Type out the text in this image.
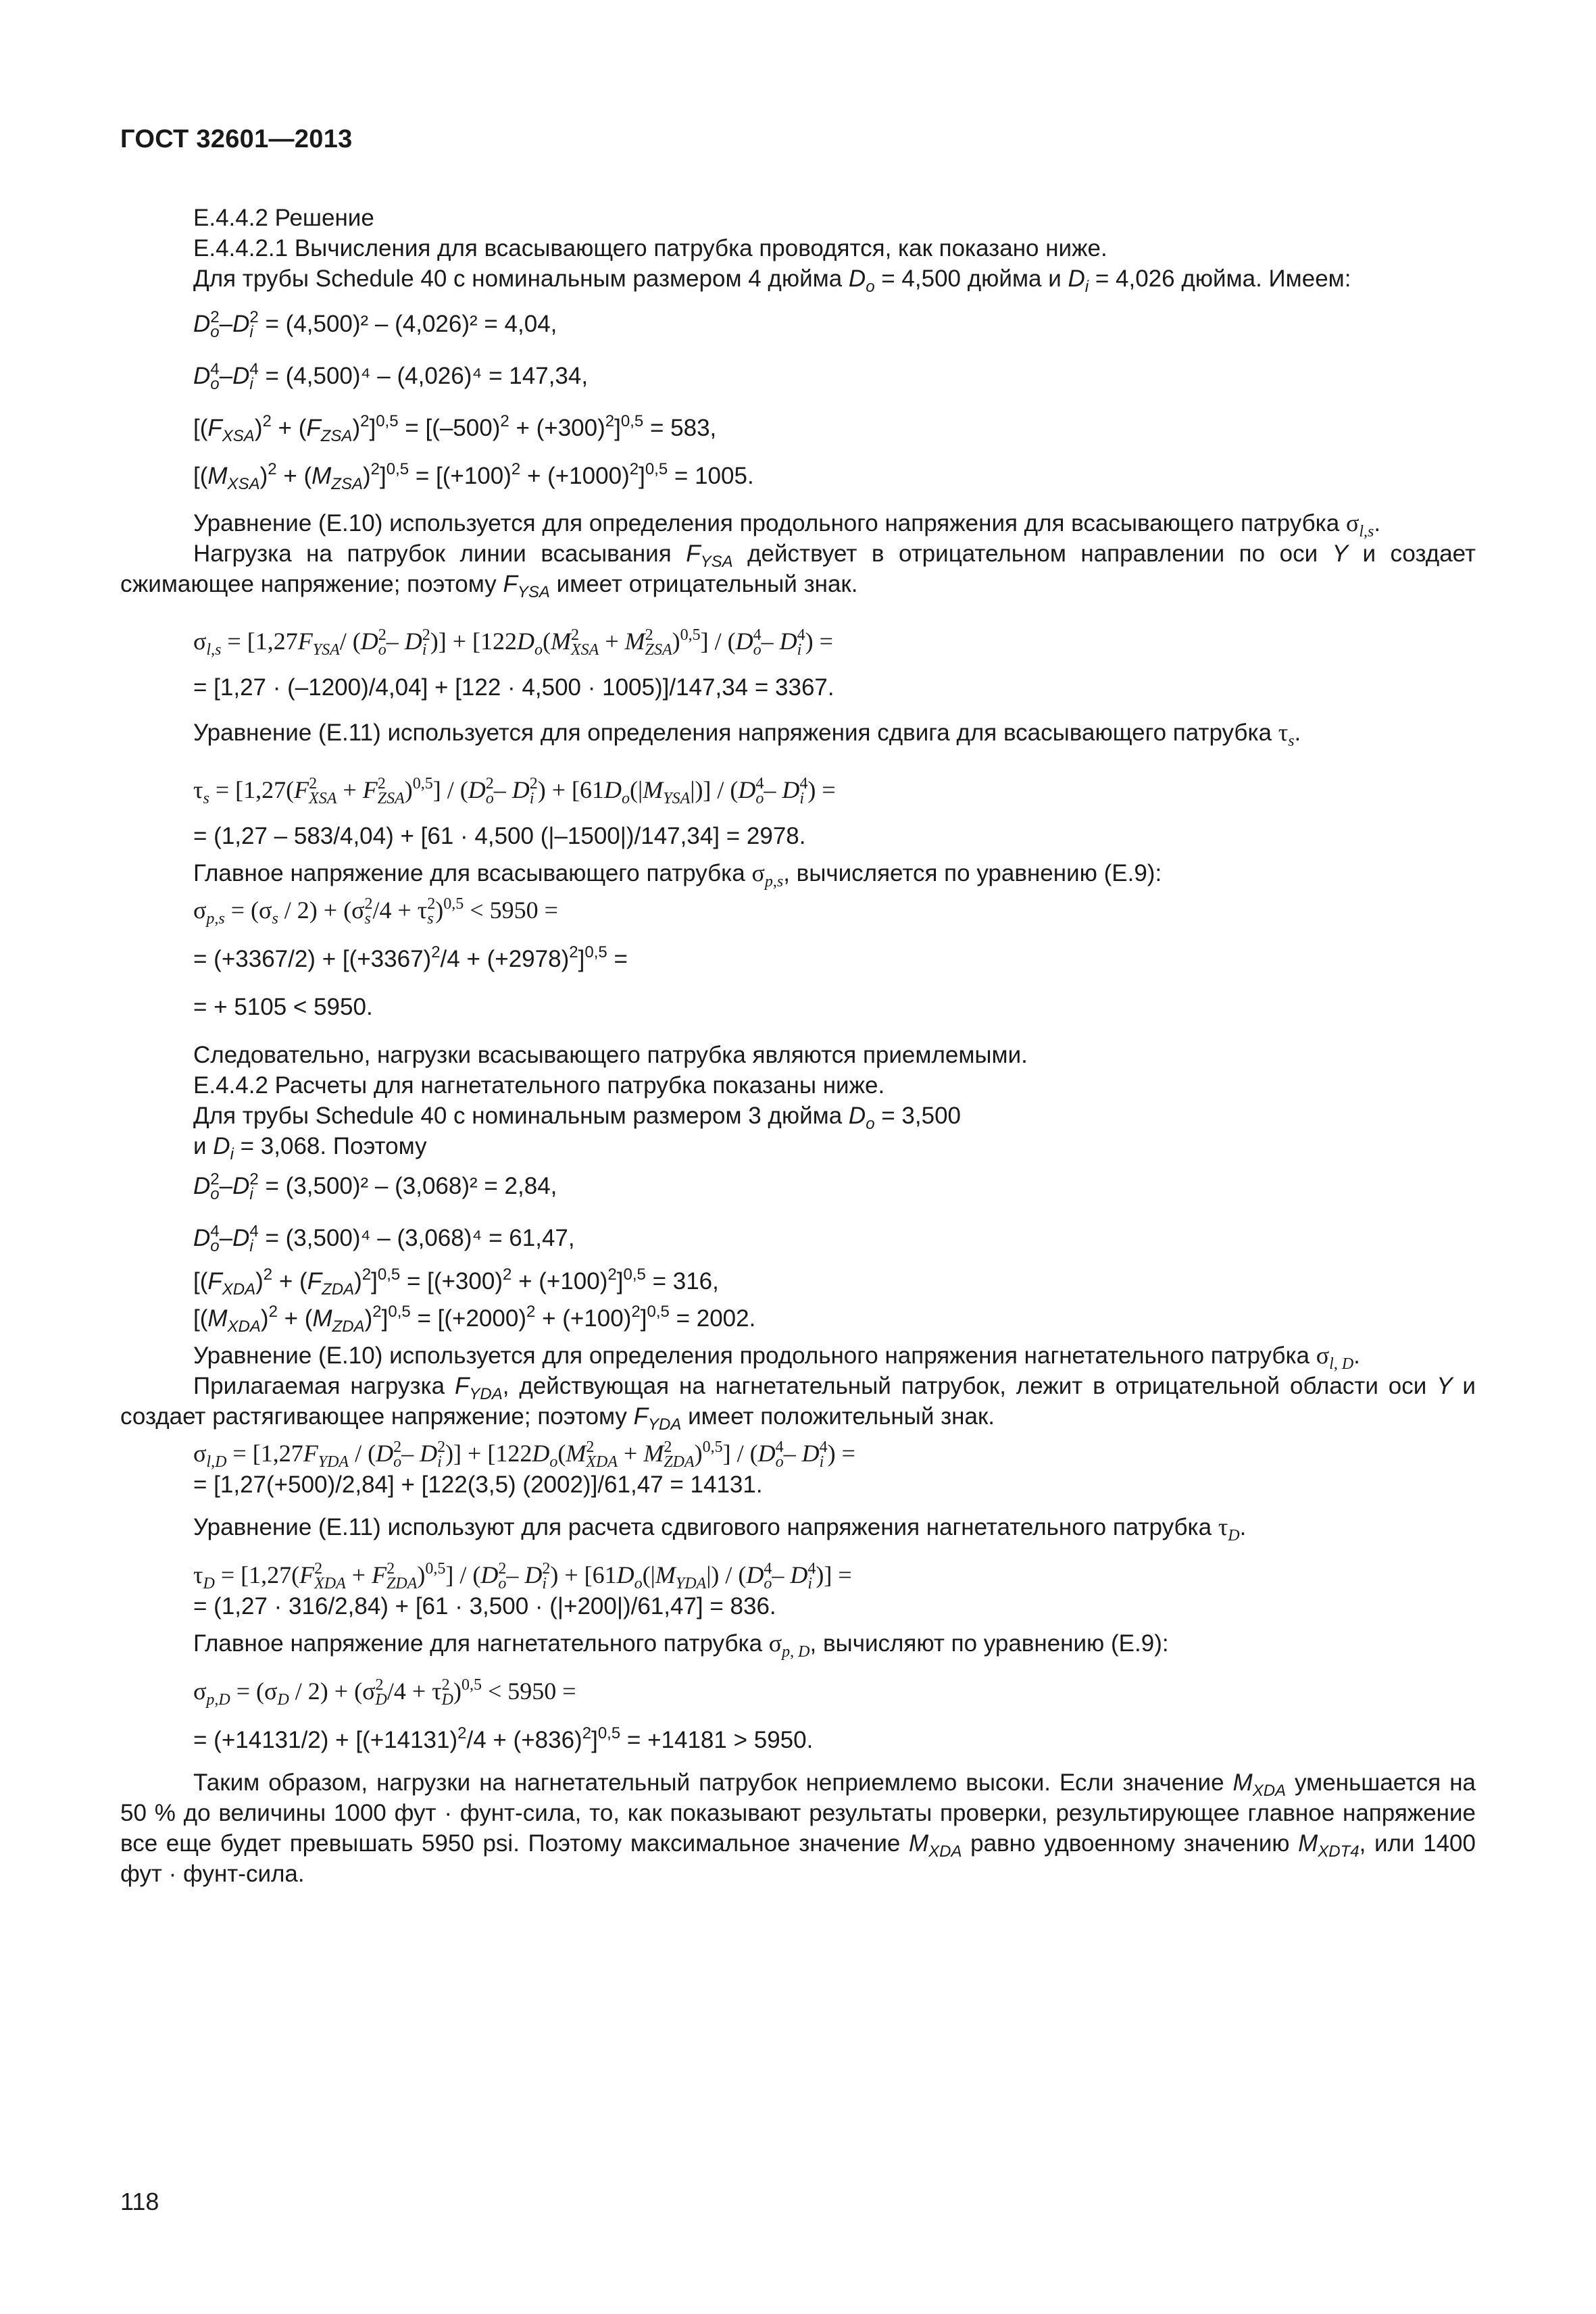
ГОСТ 32601—2013

Е.4.4.2 Решение

Е.4.4.2.1 Вычисления для всасывающего патрубка проводятся, как показано ниже.

Для трубы Schedule 40 с номинальным размером 4 дюйма $D_o = 4,500$ дюйма и $D_i = 4,026$ дюйма. Имеем:

D 2
o –D 2
i = (4,500)² – (4,026)² = 4,04,

D 4
o –D 4
i = (4,500)⁴ – (4,026)⁴ = 147,34,

$[(F_{XSA})^2 + (F_{ZSA})^2]^{0,5} = [(-500)^2 + (+300)^2]^{0,5} = 583$,

$[(M_{XSA})^2 + (M_{ZSA})^2]^{0,5} = [(+100)^2 + (+1000)^2]^{0,5} = 1005$.

Уравнение (Е.10) используется для определения продольного напряжения для всасывающего патрубка $\sigma_{l,s}$.

Нагрузка на патрубок линии всасывания $F_{YSA}$ действует в отрицательном направлении по оси Y и создает сжимающее напряжение; поэтому $F_{YSA}$ имеет отрицательный знак.

$\sigma_{l,s} = [1,27F_{YSA}/$ (D 2
o – D 2
i )] + [$122D_o(M$ 2
XSA + M 2
ZSA )$^{0,5}$] / (D 4
o – D 4
i ) =

= [1,27 · (–1200)/4,04] + [122 · 4,500 · 1005)]/147,34 = 3367.

Уравнение (Е.11) используется для определения напряжения сдвига для всасывающего патрубка $\tau_s$.

$\tau_s = [1,27(F$ 2
XSA + F 2
ZSA )$^{0,5}$] / (D 2
o – D 2
i ) + $[61D_o(|M_{YSA}|)] / (D$ 4
o – D 4
i ) =

= (1,27 – 583/4,04) + [61 · 4,500 (|–1500|)/147,34] = 2978.

Главное напряжение для всасывающего патрубка $\sigma_{p,s}$, вычисляется по уравнению (Е.9):

$\sigma_{p,s} = (\sigma_s / 2) + (\sigma$ 2
s /4 + τ 2
s )$^{0,5}$ < 5950 =

= $(+3367/2) + [(+3367)^2/4 + (+2978)^2]^{0,5}$ =

= + 5105 < 5950.

Следовательно, нагрузки всасывающего патрубка являются приемлемыми.

Е.4.4.2 Расчеты для нагнетательного патрубка показаны ниже.

Для трубы Schedule 40 с номинальным размером 3 дюйма $D_o = 3,500$

и $D_i = 3,068$. Поэтому

D 2
o –D 2
i = (3,500)² – (3,068)² = 2,84,

D 4
o –D 4
i = (3,500)⁴ – (3,068)⁴ = 61,47,

$[(F_{XDA})^2 + (F_{ZDA})^2]^{0,5} = [(+300)^2 + (+100)^2]^{0,5} = 316$,

$[(M_{XDA})^2 + (M_{ZDA})^2]^{0,5} = [(+2000)^2 + (+100)^2]^{0,5} = 2002$.

Уравнение (Е.10) используется для определения продольного напряжения нагнетательного патрубка $\sigma_{l,}$ $_D$.

Прилагаемая нагрузка $F_{YDA}$, действующая на нагнетательный патрубок, лежит в отрицательной области оси Y и создает растягивающее напряжение; поэтому $F_{YDA}$ имеет положительный знак.

$\sigma_{l,D} = [1,27F_{YDA} / (D$ 2
o – D 2
i )] + [$122D_o(M$ 2
XDA + M 2
ZDA )$^{0,5}$] / (D 4
o – D 4
i ) =

= [1,27(+500)/2,84] + [122(3,5) (2002)]/61,47 = 14131.

Уравнение (Е.11) используют для расчета сдвигового напряжения нагнетательного патрубка $\tau_D$.

$\tau_D = [1,27(F$ 2
XDA + F 2
ZDA )$^{0,5}$] / (D 2
o – D 2
i ) + [$61D_o(|M_{YDA}|) / (D$ 4
o – D 4
i )] =

= (1,27 · 316/2,84) + [61 · 3,500 · (|+200|)/61,47] = 836.

Главное напряжение для нагнетательного патрубка $\sigma_{p,}$ $_D$, вычисляют по уравнению (Е.9):

$\sigma_{p,D} = (\sigma_D / 2) + (\sigma$ 2
D /4 + τ 2
D )$^{0,5}$ < 5950 =

= $(+14131/2) + [(+14131)^2/4 + (+836)^2]^{0,5} = +14181 > 5950$.

Таким образом, нагрузки на нагнетательный патрубок неприемлемо высоки. Если значение $M_{XDA}$ уменьшается на 50 % до величины 1000 фут · фунт-сила, то, как показывают результаты проверки, результирующее главное напряжение все еще будет превышать 5950 psi. Поэтому максимальное значение $M_{XDA}$ равно удвоенному значению $M_{XDT4}$, или 1400 фут · фунт-сила.

118
